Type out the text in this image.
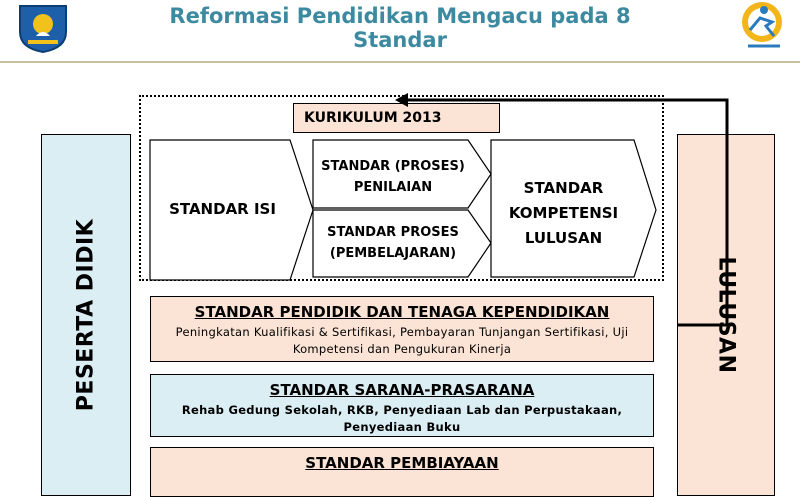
Reformasi Pendidikan Mengacu pada 8 Standar
PESERTA DIDIK	LULUSAN
KURIKULUM 2013
STANDAR ISI
STANDAR (PROSES)
PENILAIAN
STANDAR PROSES
(PEMBELAJARAN)
STANDAR
KOMPETENSI
LULUSAN
STANDAR PENDIDIK DAN TENAGA KEPENDIDIKAN
Peningkatan Kualifikasi & Sertifikasi, Pembayaran Tunjangan Sertifikasi, Uji Kompetensi dan Pengukuran Kinerja
STANDAR SARANA-PRASARANA
Rehab Gedung Sekolah, RKB, Penyediaan Lab dan Perpustakaan, Penyediaan Buku
STANDAR PEMBIAYAAN
